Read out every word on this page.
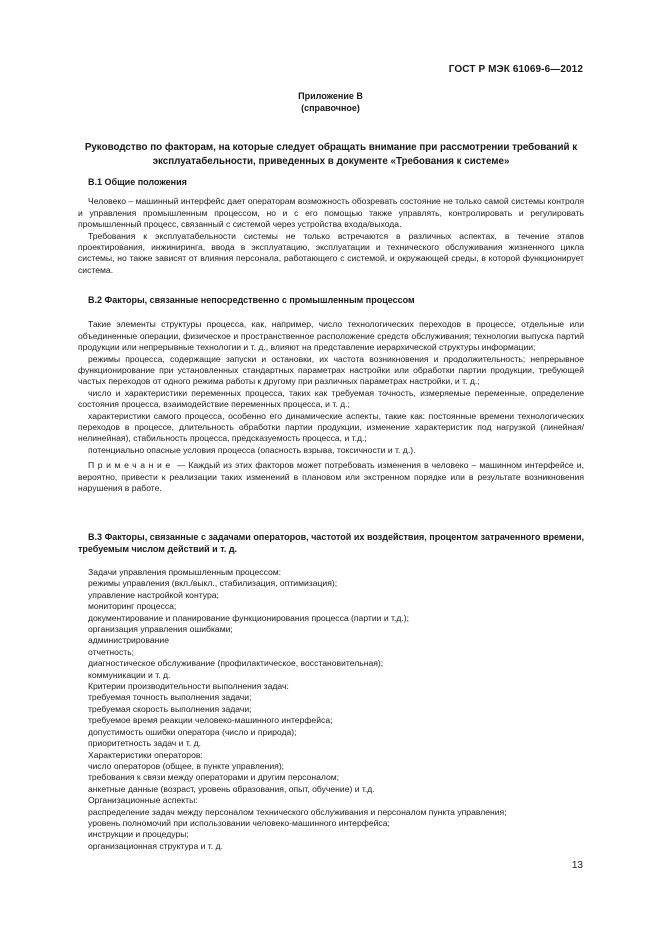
ГОСТ Р МЭК 61069-6—2012
Приложение В
(справочное)
Руководство по факторам, на которые следует обращать внимание при рассмотрении требований к эксплуатабельности, приведенных в документе «Требования к системе»

В.1 Общие положения

Человеко – машинный интерфейс дает операторам возможность обозревать состояние не только самой системы контроля и управления промышленным процессом, но и с его помощью также управлять, контролировать и регулировать промышленный процесс, связанный с системой через устройства входа/выхода.

Требования к эксплуатабельности системы не только встречаются в различных аспектах, в течение этапов проектирования, инжиниринга, ввода в эксплуатацию, эксплуатации и технического обслуживания жизненного цикла системы, но также зависят от влияния персонала, работающего с системой, и окружающей среды, в которой функционирует система.

В.2 Факторы, связанные непосредственно с промышленным процессом

Такие элементы структуры процесса, как, например, число технологических переходов в процессе, отдельные или объединенные операции, физическое и пространственное расположение средств обслуживания; технологии выпуска партий продукции или непрерывные технологии и т. д., влияют на представление иерархической структуры информации;

режимы процесса, содержащие запуски и остановки, их частота возникновения и продолжительность; непрерывное функционирование при установленных стандартных параметрах настройки или обработки партии продукции, требующей частых переходов от одного режима работы к другому при различных параметрах настройки, и т. д.;

число и характеристики переменных процесса, таких как требуемая точность, измеряемые переменные, определение состояния процесса, взаимодействие переменных процесса, и т. д.;

характеристики самого процесса, особенно его динамические аспекты, такие как: постоянные времени технологических переходов в процессе, длительность обработки партии продукции, изменение характеристик под нагрузкой (линейная/нелинейная), стабильность процесса, предсказуемость процесса, и т.д.;

потенциально опасные условия процесса (опасность взрыва, токсичности и т. д.).

Примечание — Каждый из этих факторов может потребовать изменения в человеко – машинном интерфейсе и, вероятно, привести к реализации таких изменений в плановом или экстренном порядке или в результате возникновения нарушения в работе.

В.3 Факторы, связанные с задачами операторов, частотой их воздействия, процентом затраченного времени, требуемым числом действий и т. д.

Задачи управления промышленным процессом:
режимы управления (вкл./выкл., стабилизация, оптимизация);
управление настройкой контура;
мониторинг процесса;
документирование и планирование функционирования процесса (партии и т.д.);
организация управления ошибками;
администрирование
отчетность;
диагностическое обслуживание (профилактическое, восстановительная);
коммуникации и т. д.
Критерии производительности выполнения задач:
требуемая точность выполнения задачи;
требуемая скорость выполнения задачи;
требуемое время реакции человеко-машинного интерфейса;
допустимость ошибки оператора (число и природа);
приоритетность задач и т. д.
Характеристики операторов:
число операторов (общее, в пункте управления);
требования к связи между операторами и другим персоналом;
анкетные данные (возраст, уровень образования, опыт, обучение) и т.д.
Организационные аспекты:
распределение задач между персоналом технического обслуживания и персоналом пункта управления;
уровень полномочий при использовании человеко-машинного интерфейса;
инструкции и процедуры;
организационная структура и т. д.
13
